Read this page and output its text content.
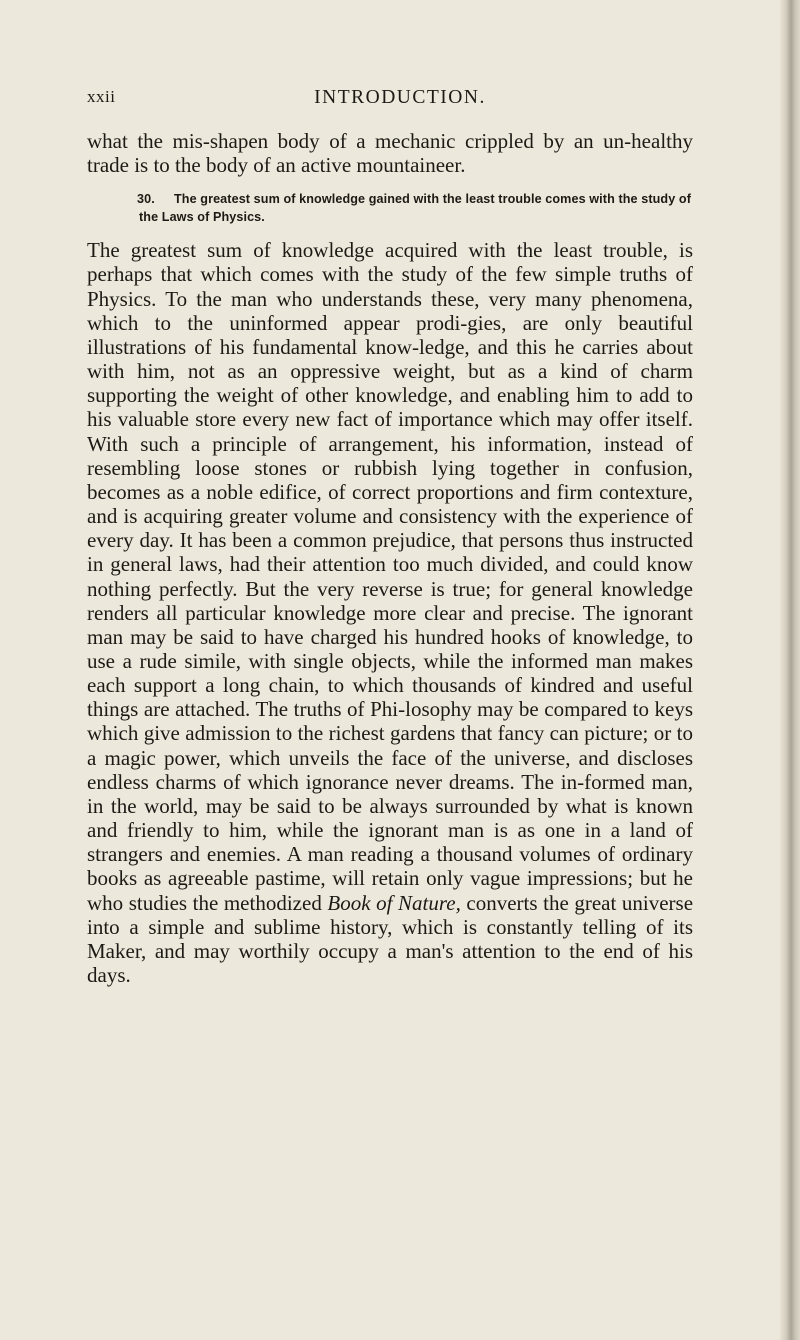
xxii	INTRODUCTION.

what the mis-shapen body of a mechanic crippled by an un-healthy trade is to the body of an active mountaineer.

30. The greatest sum of knowledge gained with the least trouble comes with the study of the Laws of Physics.

The greatest sum of knowledge acquired with the least trouble, is perhaps that which comes with the study of the few simple truths of Physics. To the man who understands these, very many phenomena, which to the uninformed appear prodi-gies, are only beautiful illustrations of his fundamental know-ledge, and this he carries about with him, not as an oppressive weight, but as a kind of charm supporting the weight of other knowledge, and enabling him to add to his valuable store every new fact of importance which may offer itself. With such a principle of arrangement, his information, instead of resembling loose stones or rubbish lying together in confusion, becomes as a noble edifice, of correct proportions and firm contexture, and is acquiring greater volume and consistency with the experience of every day. It has been a common prejudice, that persons thus instructed in general laws, had their attention too much divided, and could know nothing perfectly. But the very reverse is true; for general knowledge renders all particular knowledge more clear and precise. The ignorant man may be said to have charged his hundred hooks of knowledge, to use a rude simile, with single objects, while the informed man makes each support a long chain, to which thousands of kindred and useful things are attached. The truths of Phi-losophy may be compared to keys which give admission to the richest gardens that fancy can picture; or to a magic power, which unveils the face of the universe, and discloses endless charms of which ignorance never dreams. The in-formed man, in the world, may be said to be always surrounded by what is known and friendly to him, while the ignorant man is as one in a land of strangers and enemies. A man reading a thousand volumes of ordinary books as agreeable pastime, will retain only vague impressions; but he who studies the methodized Book of Nature, converts the great universe into a simple and sublime history, which is constantly telling of its Maker, and may worthily occupy a man's attention to the end of his days.
